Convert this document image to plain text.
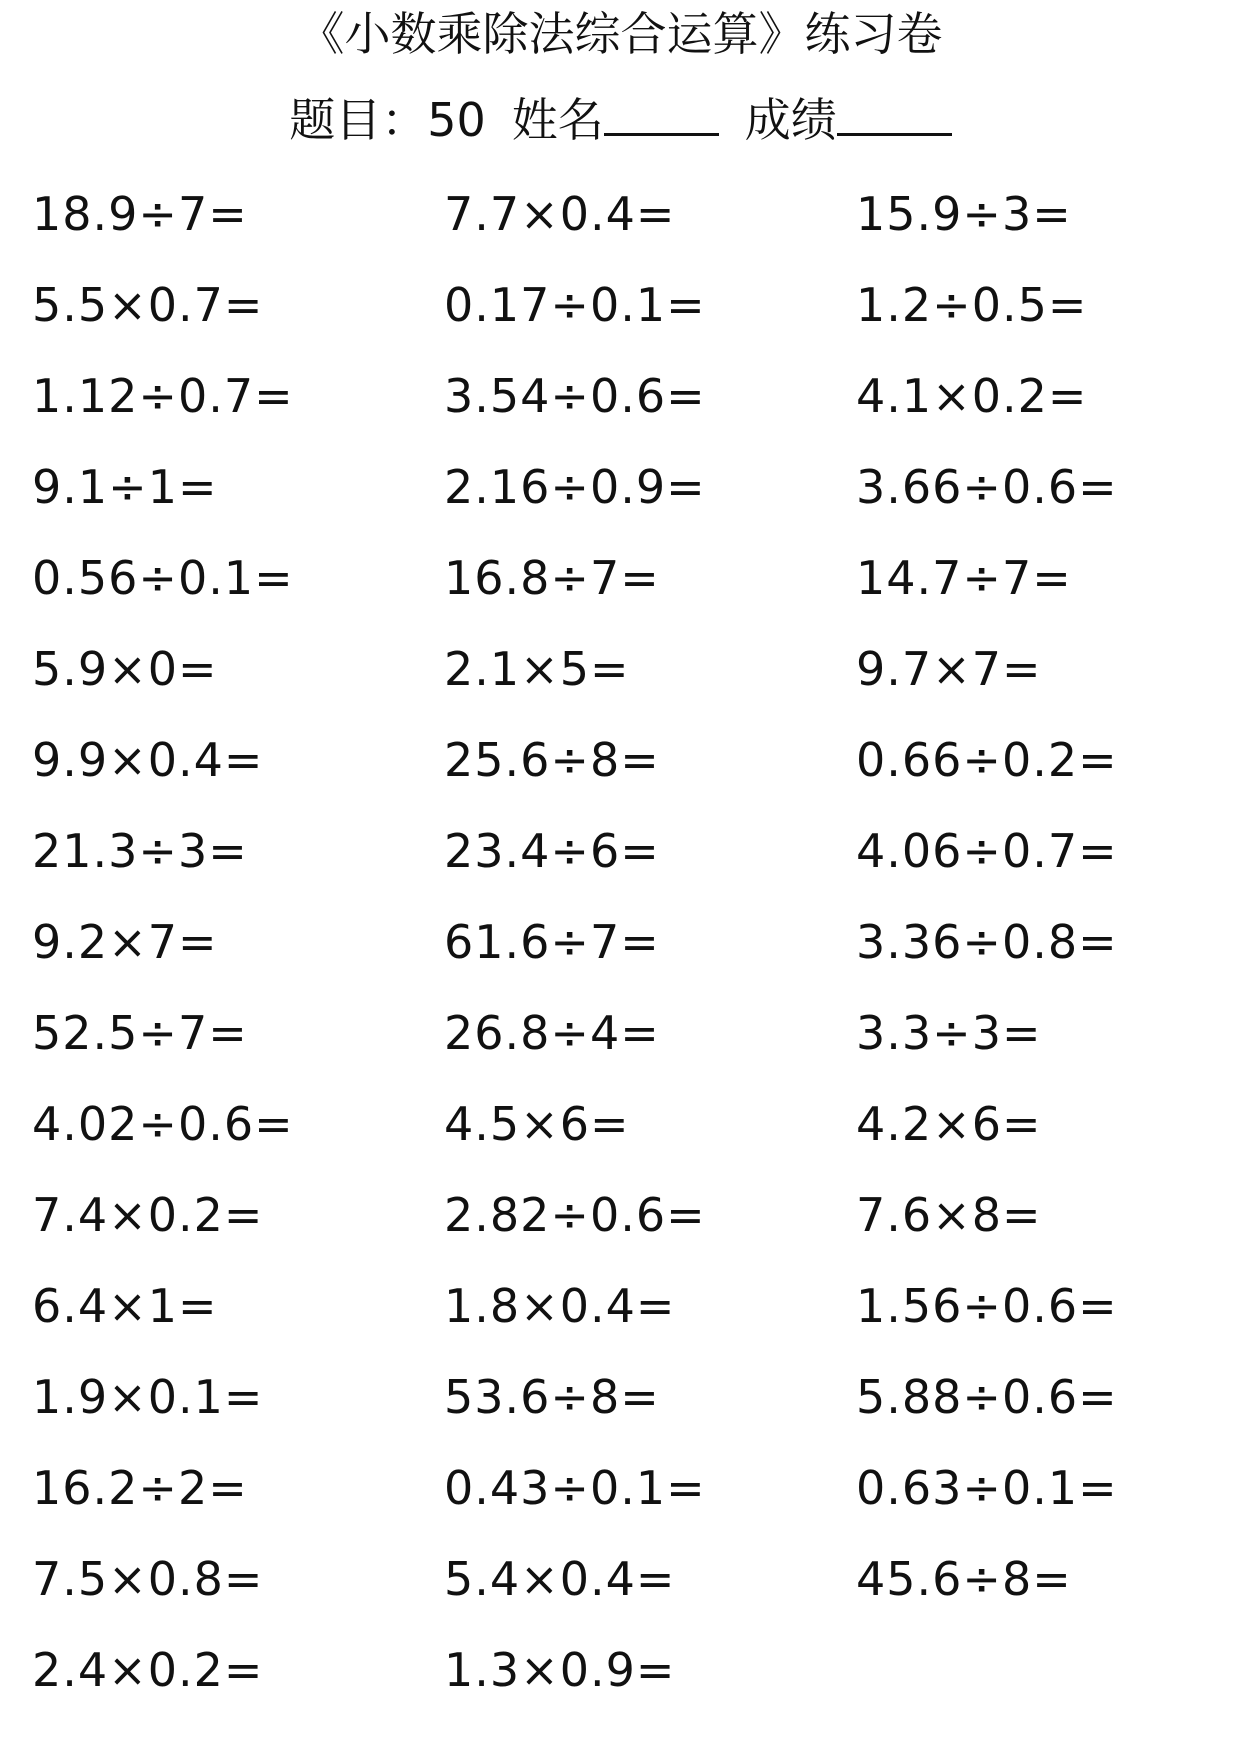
《小数乘除法综合运算》练习卷
题目：50 姓名	成绩
18.9÷7=	7.7×0.4=	15.9÷3=
5.5×0.7=	0.17÷0.1=	1.2÷0.5=
1.12÷0.7=	3.54÷0.6=	4.1×0.2=
9.1÷1=	2.16÷0.9=	3.66÷0.6=
0.56÷0.1=	16.8÷7=	14.7÷7=
5.9×0=	2.1×5=	9.7×7=
9.9×0.4=	25.6÷8=	0.66÷0.2=
21.3÷3=	23.4÷6=	4.06÷0.7=
9.2×7=	61.6÷7=	3.36÷0.8=
52.5÷7=	26.8÷4=	3.3÷3=
4.02÷0.6=	4.5×6=	4.2×6=
7.4×0.2=	2.82÷0.6=	7.6×8=
6.4×1=	1.8×0.4=	1.56÷0.6=
1.9×0.1=	53.6÷8=	5.88÷0.6=
16.2÷2=	0.43÷0.1=	0.63÷0.1=
7.5×0.8=	5.4×0.4=	45.6÷8=
2.4×0.2=	1.3×0.9=
